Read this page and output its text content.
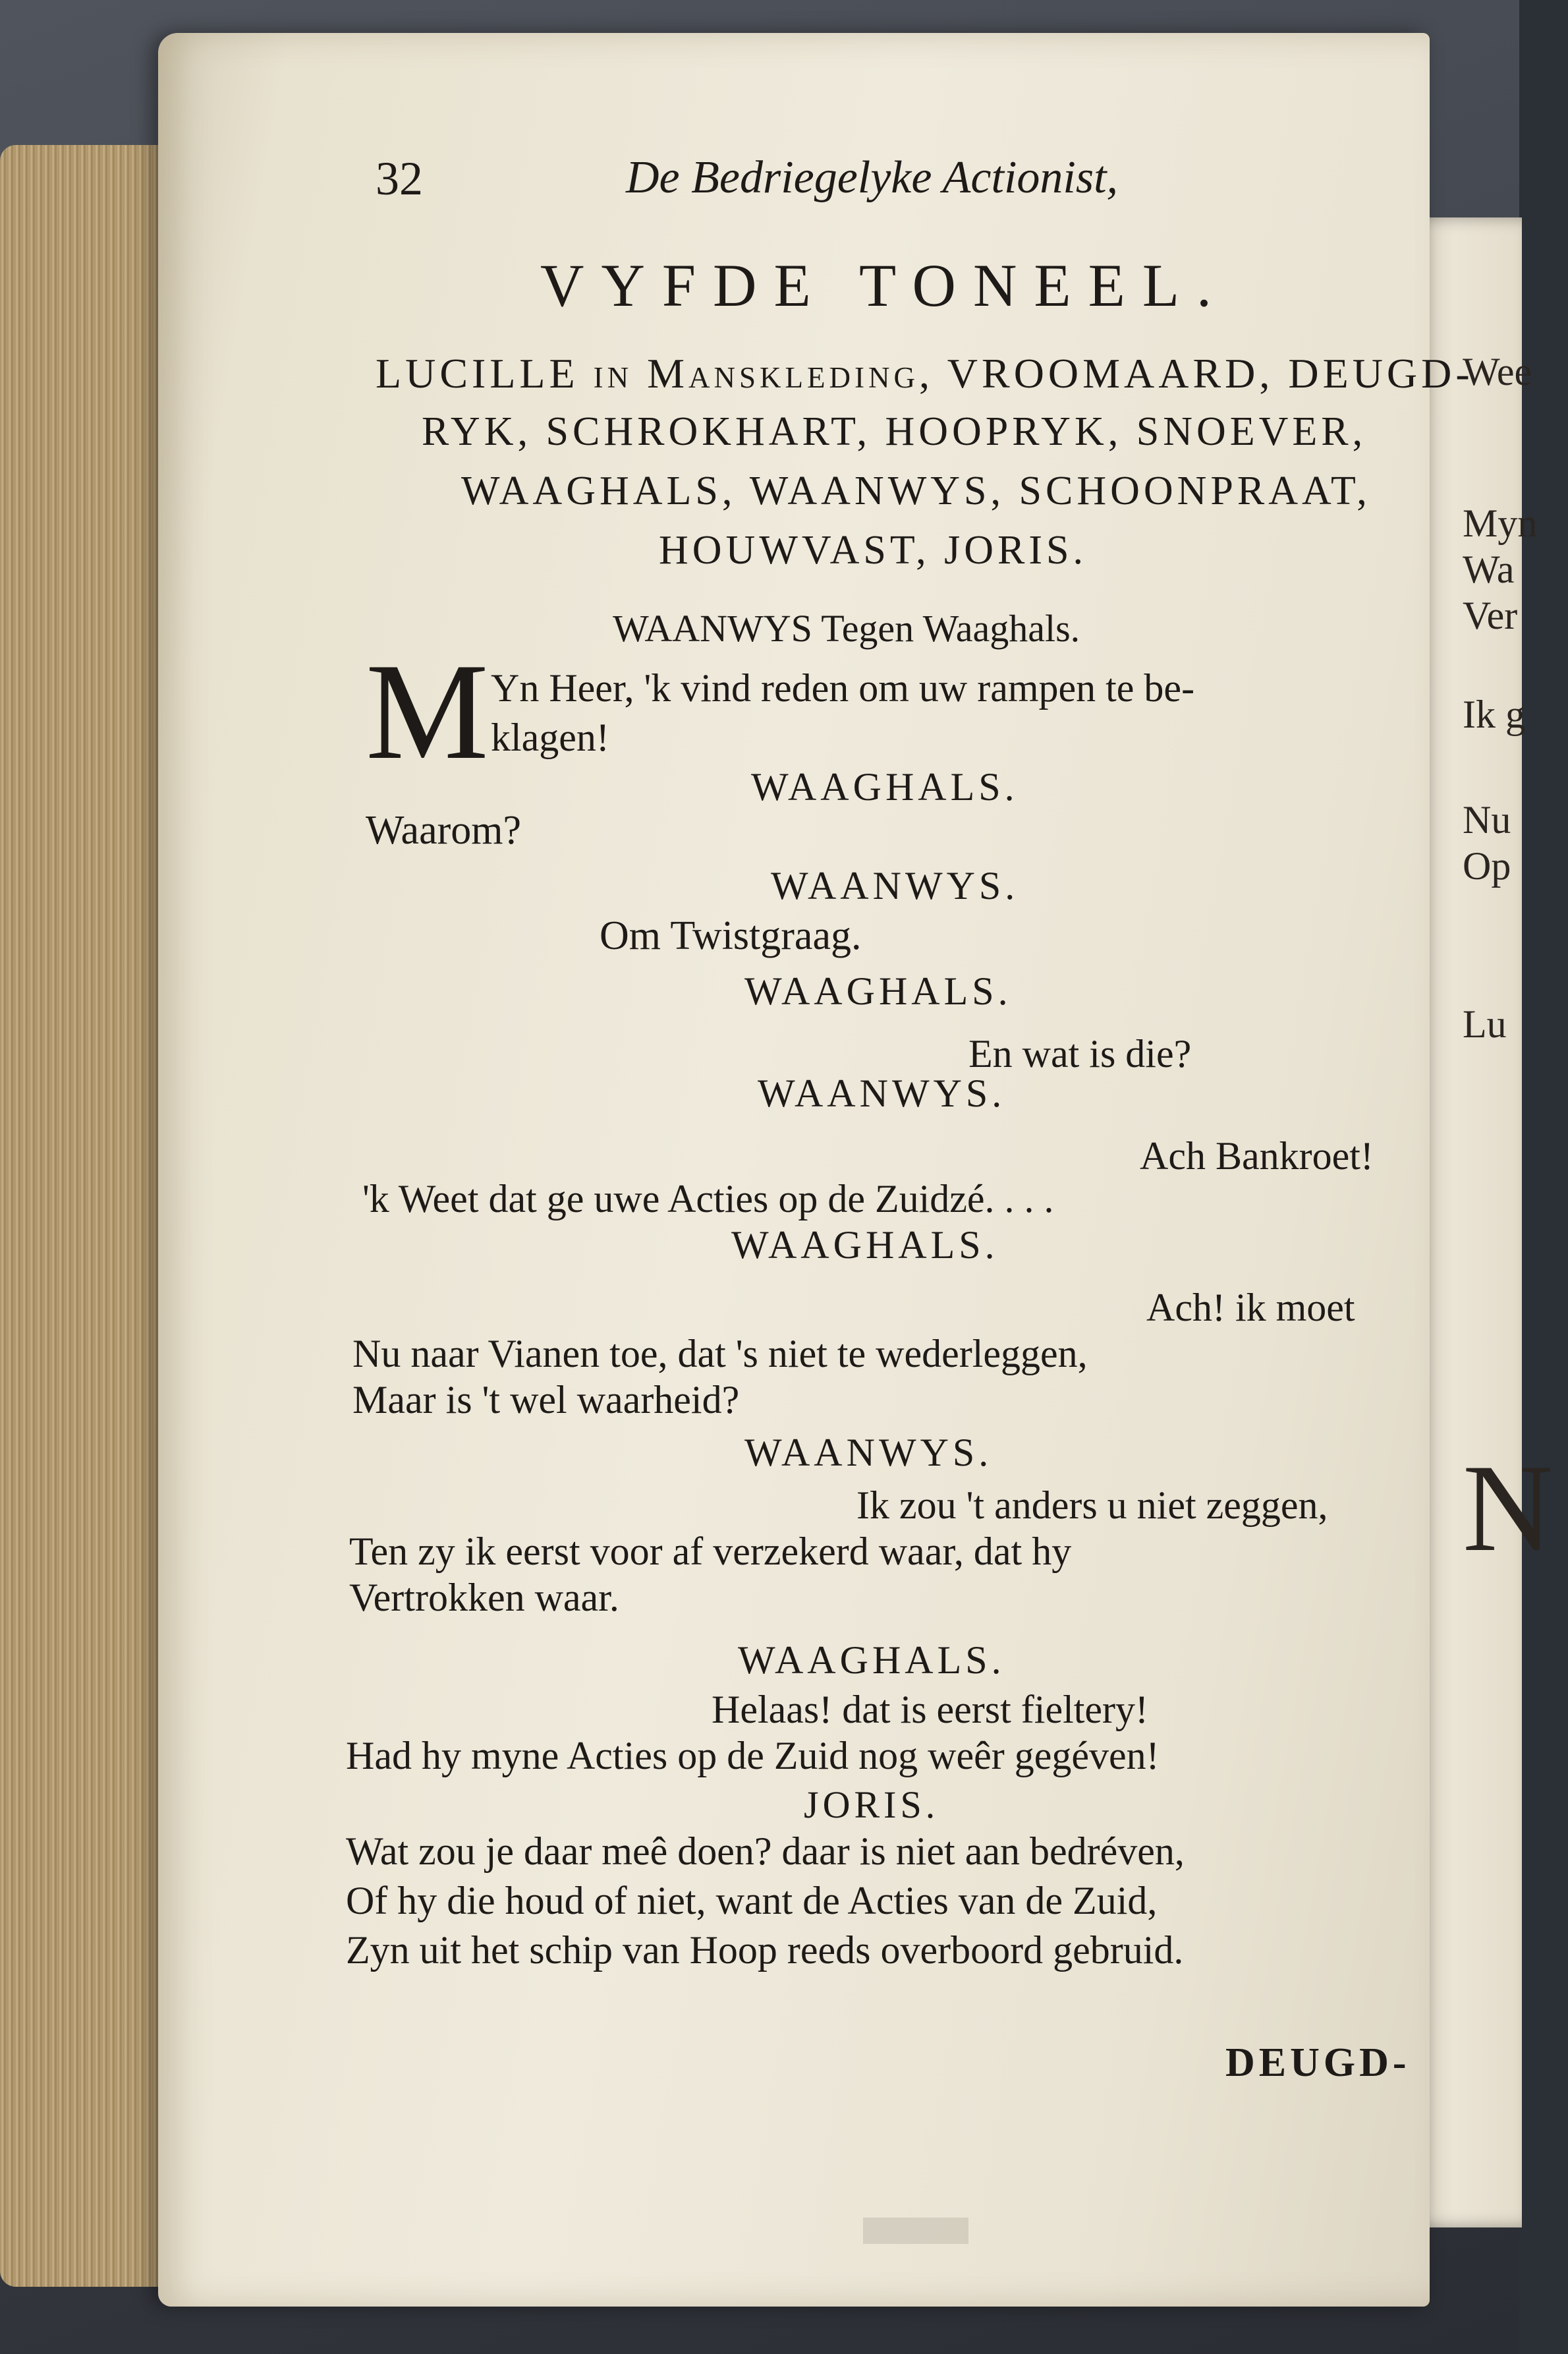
Wee
Myn
Wa
Ver
Ik g
Nu
Op
Lu
N
32	De Bedriegelyke Actionist,
VYFDE TONEEL.
LUCILLE in Manskleding, VROOMAARD, DEUGD-
RYK, SCHROKHART, HOOPRYK, SNOEVER,
WAAGHALS, WAANWYS, SCHOONPRAAT,
HOUWVAST, JORIS.
WAANWYS Tegen Waaghals.
M Yn Heer, 'k vind reden om uw rampen te be-
klagen!
WAAGHALS.
Waarom?
WAANWYS.
Om Twistgraag.
WAAGHALS.
En wat is die?
WAANWYS.
Ach Bankroet!
'k Weet dat ge uwe Acties op de Zuidzé. . . .
WAAGHALS.
Ach! ik moet
Nu naar Vianen toe, dat 's niet te wederleggen,
Maar is 't wel waarheid?
WAANWYS.
Ik zou 't anders u niet zeggen,
Ten zy ik eerst voor af verzekerd waar, dat hy
Vertrokken waar.
WAAGHALS.
Helaas! dat is eerst fieltery!
Had hy myne Acties op de Zuid nog weêr gegéven!
JORIS.
Wat zou je daar meê doen? daar is niet aan bedréven,
Of hy die houd of niet, want de Acties van de Zuid,
Zyn uit het schip van Hoop reeds overboord gebruid.
DEUGD-
